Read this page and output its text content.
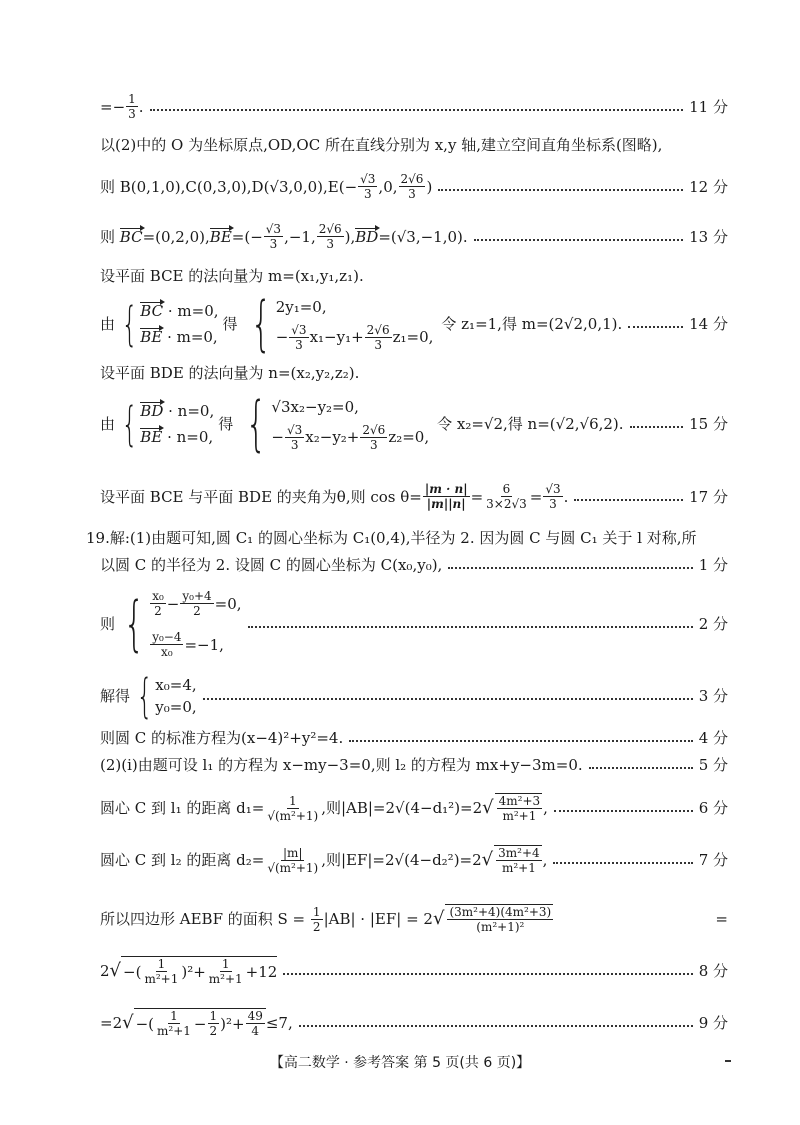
=− $\frac{1}{3}$ .	11 分
以(2)中的 O 为坐标原点,OD,OC 所在直线分别为 x,y 轴,建立空间直角坐标系(图略),
则 B(0,1,0),C(0,3,0),D(√3,0,0),E (− $\frac{√3}{3} ,0$, $\frac{2√6}{3}$ )	12 分
则
BC =(0,2,0), BE =(− $\frac{√3}{3} ,-1$, $\frac{2√6}{3}$ ), BD =(√3,−1,0).	13 分
设平面 BCE 的法向量为 m=(x₁,y₁,z₁).
由 { BC · m=0,
BE · m=0,
得 { 2y₁=0,
− $\frac{√3}{3} x_1-y_1+ \frac{2√6}{3} z_1=0$,
令 z₁=1,得 m=(2√2,0,1).	14 分
设平面 BDE 的法向量为 n=(x₂,y₂,z₂).
由 { BD · n=0,
BE · n=0,
得 { √3x₂−y₂=0,
− $\frac{√3}{3} x_2-y_2+ \frac{2√6}{3} z_2=0$,
令 x₂=√2,得 n=(√2,√6,2).	15 分
设平面 BCE 与平面 BDE 的夹角为θ,则 $\cos \theta= \frac{|m \cdot n|}{|m||n|} = \frac{6}{3\times 2√3} = \frac{√3}{3}$ .	17 分
19.解:(1)由题可知,圆 C₁ 的圆心坐标为 C₁(0,4),半径为 2. 因为圆 C 与圆 C₁ 关于 l 对称,所
以圆 C 的半径为 2. 设圆 C 的圆心坐标为 C(x₀,y₀),	1 分
则 { $\frac{\text{x₀}}{2} - \frac{\text{y₀+4}}{2} =0$,
$\frac{\text{y₀−4}}{\text{x₀}} =-1$,
2 分
解得 { x₀=4,
y₀=0,
3 分
则圆 C 的标准方程为(x−4)²+y²=4.	4 分
(2)(ⅰ)由题可设 l₁ 的方程为 x−my−3=0,则 l₂ 的方程为 mx+y−3m=0.	5 分
圆心 C 到 l₁ 的距离 $d_1= \frac{1}{\text{√(m²+1)}}$ ,则|AB|=2√(4−d₁²)=2 √ $\frac{\text{4m²+3}}{\text{m²+1}}$ ,	6 分
圆心 C 到 l₂ 的距离 $d_2= \frac{|m|}{\text{√(m²+1)}}$ ,则|EF|=2√(4−d₂²)=2 √ $\frac{\text{3m²+4}}{\text{m²+1}}$ ,	7 分
所以四边形 AEBF 的面积 S =
$\frac{1}{2} |AB| \cdot |EF| = 2$ √ $\frac{\text{(3m²+4)(4m²+3)}}{\text{(m²+1)²}}$	=
2 √ −( $\frac{1}{\text{m²+1}} )^2+ \frac{1}{\text{m²+1}} +12$	8 分
=2 √ −( $\frac{1}{\text{m²+1}} - \frac{1}{2} )^2+ \frac{49}{4} \le 7$,	9 分
【高二数学 · 参考答案 第 5 页(共 6 页)】
